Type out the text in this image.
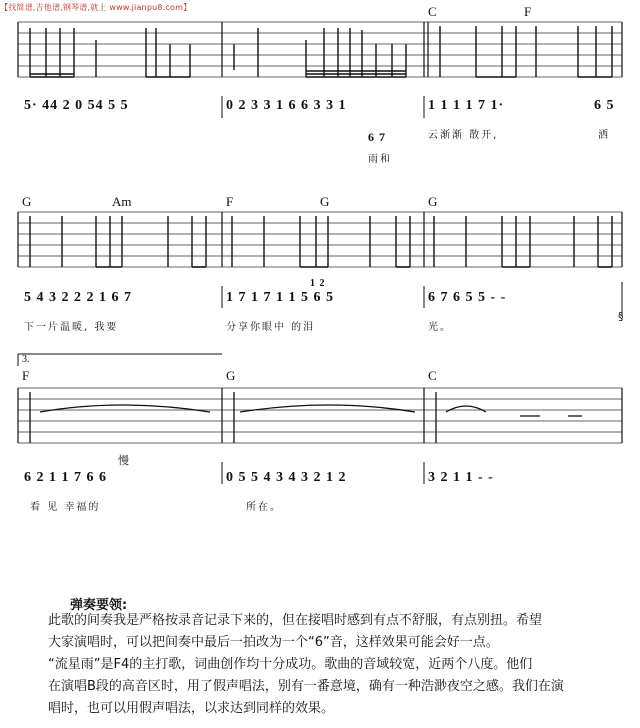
【找简谱,吉他谱,钢琴谱,就上 www.jianpu8.com】	C	F
5· 44 2 0 54 5 5	0 2 3 3 1 6 6 3 3 1	1 1 1 1 7 1·	6 5
6 7	云渐渐 散开,	洒
雨和
G	Am	F	G	G
5 4 3 2 2 2 1 6 7	1 7 1 7 1 1 5 6 5	6 7 6 5 5 - -
1 2
下一片温暖, 我要	分享你眼中 的泪	光。
§
3.
F	G	C
慢
6 2 1 1 7 6 6	0 5 5 4 3 4 3 2 1 2	3 2 1 1 - -
看 见 幸福的	所在。
弹奏要领:
此歌的间奏我是严格按录音记录下来的，但在接唱时感到有点不舒服，有点别扭。希望
大家演唱时，可以把间奏中最后一拍改为一个“6”音，这样效果可能会好一点。
“流星雨”是F4的主打歌，词曲创作均十分成功。歌曲的音域较宽，近两个八度。他们
在演唱B段的高音区时，用了假声唱法，别有一番意境，确有一种浩渺夜空之感。我们在演
唱时，也可以用假声唱法，以求达到同样的效果。
